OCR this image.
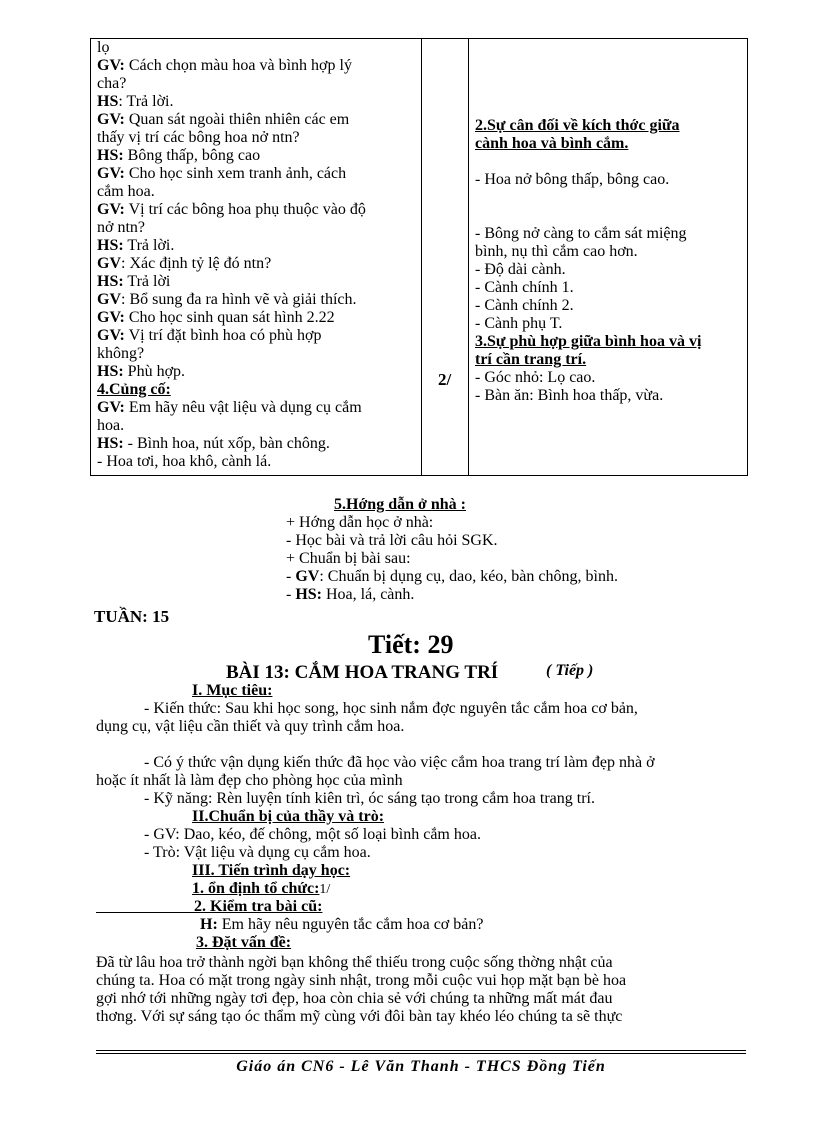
lọ
GV: Cách chọn màu hoa và bình hợp lý
cha?
HS: Trả lời.
GV: Quan sát ngoài thiên nhiên các em
thấy vị trí các bông hoa nở ntn?
HS: Bông thấp, bông cao
GV: Cho học sinh xem tranh ảnh, cách
cắm hoa.
GV: Vị trí các bông hoa phụ thuộc vào độ
nở ntn?
HS: Trả lời.
GV: Xác định tỷ lệ đó ntn?
HS: Trả lời
GV: Bổ sung đa ra hình vẽ và giải thích.
GV: Cho học sinh quan sát hình 2.22
GV: Vị trí đặt bình hoa có phù hợp
không?
HS: Phù hợp.
4.Củng cố:
GV: Em hãy nêu vật liệu và dụng cụ cắm
hoa.
HS: - Bình hoa, nút xốp, bàn chông.
- Hoa tơi, hoa khô, cành lá.

2/

2.Sự cân đối về kích thớc giữa
cành hoa và bình cắm.
- Hoa nở bông thấp, bông cao.
- Bông nở càng to cắm sát miệng
bình, nụ thì cắm cao hơn.
- Độ dài cành.
- Cành chính 1.
- Cành chính 2.
- Cành phụ T.
3.Sự phù hợp giữa bình hoa và vị
trí cần trang trí.
- Góc nhỏ: Lọ cao.
- Bàn ăn: Bình hoa thấp, vừa.
5.Hớng dẫn ở nhà :
+ Hớng dẫn học ở nhà:
- Học bài và trả lời câu hỏi SGK.
+ Chuẩn bị bài sau:
- GV: Chuẩn bị dụng cụ, dao, kéo, bàn chông, bình.
- HS: Hoa, lá, cành.
TUẦN: 15
Tiết: 29
BÀI 13: CẮM HOA TRANG TRÍ	( Tiếp )
I. Mục tiêu:
- Kiến thức: Sau khi học song, học sinh nắm đợc nguyên tắc cắm hoa cơ bản,
dụng cụ, vật liệu cần thiết và quy trình cắm hoa.
- Có ý thức vận dụng kiến thức đã học vào việc cắm hoa trang trí làm đẹp nhà ở
hoặc ít nhất là làm đẹp cho phòng học của mình
- Kỹ năng: Rèn luyện tính kiên trì, óc sáng tạo trong cắm hoa trang trí.
II.Chuẩn bị của thầy và trò:
- GV: Dao, kéo, đế chông, một số loại bình cắm hoa.
- Trò: Vật liệu và dụng cụ cắm hoa.
III. Tiến trình dạy học:
1. ổn định tổ chức:1/
2. Kiểm tra bài cũ:
H: Em hãy nêu nguyên tắc cắm hoa cơ bản?
3. Đặt vấn đề:
Đã từ lâu hoa trở thành ngời bạn không thể thiếu trong cuộc sống thờng nhật của
chúng ta. Hoa có mặt trong ngày sinh nhật, trong mỗi cuộc vui họp mặt bạn bè hoa
gợi nhớ tới những ngày tơi đẹp, hoa còn chia sẻ với chúng ta những mất mát đau
thơng. Với sự sáng tạo óc thẩm mỹ cùng với đôi bàn tay khéo léo chúng ta sẽ thực
Giáo án CN6 - Lê Văn Thanh - THCS Đồng Tiến
